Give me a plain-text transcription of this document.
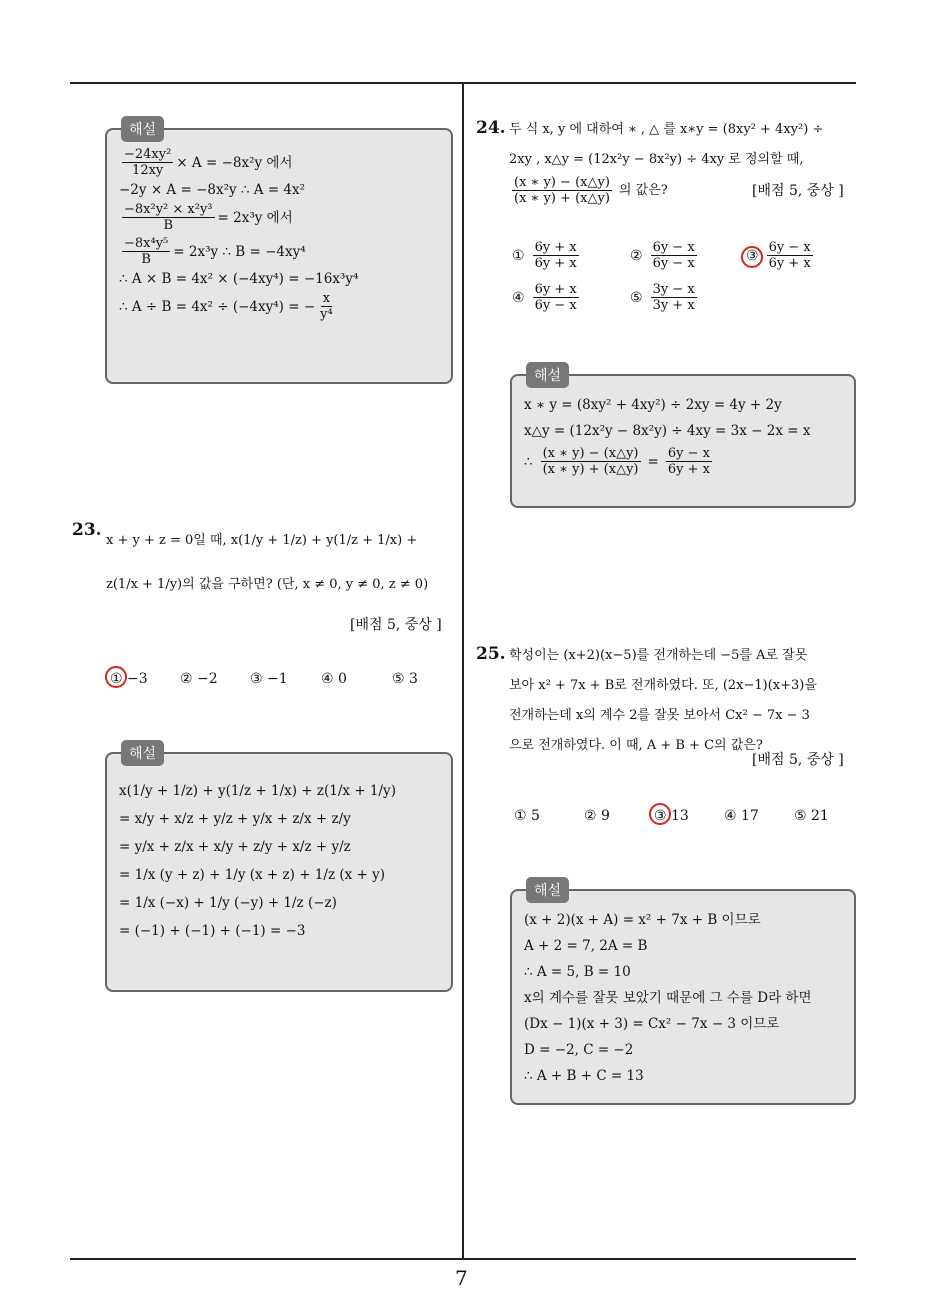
7
해설
$\frac{\text{−24xy²}}{12xy} \times A = -8x^2y$ 에서
−2y × A = −8x²y ∴ A = 4x²
$\frac{\text{−8x²y² × x²y³}}{B} = 2x^3y$ 에서
$\frac{\text{−8x⁴y⁵}}{B} = 2x^3y$ ∴ B = −4xy⁴
∴ A × B = 4x² × (−4xy⁴) = −16x³y⁴
∴ A ÷ B = 4x² ÷ (−4xy⁴) = − $\frac{x}{\text{y⁴}}$
23.
x + y + z = 0일 때, x(1/y + 1/z) + y(1/z + 1/x) +
z(1/x + 1/y)의 값을 구하면? (단, x ≠ 0, y ≠ 0, z ≠ 0)
[배점 5, 중상 ]
① −3 ② −2 ③ −1 ④ 0	⑤ 3
해설
x(1/y + 1/z) + y(1/z + 1/x) + z(1/x + 1/y)
= x/y + x/z + y/z + y/x + z/x + z/y
= y/x + z/x + x/y + z/y + x/z + y/z
= 1/x (y + z) + 1/y (x + z) + 1/z (x + y)
= 1/x (−x) + 1/y (−y) + 1/z (−z)
= (−1) + (−1) + (−1) = −3
24. 두 식 x, y 에 대하여 ∗ , △ 를 x∗y = (8xy² + 4xy²) ÷
2xy , x△y = (12x²y − 8x²y) ÷ 4xy 로 정의할 때,
$\frac{(x ∗ y) - (x\triangle y)}{(x ∗ y) + (x\triangle y)}$ 의 값은?	[배점 5, 중상 ]
① $\frac{6y + x}{6y + x}$	② $\frac{6y - x}{6y - x}$	③ $\frac{6y - x}{6y + x}$
④ $\frac{6y + x}{6y - x}$	⑤ $\frac{3y - x}{3y + x}$
해설
x ∗ y = (8xy² + 4xy²) ÷ 2xy = 4y + 2y
x△y = (12x²y − 8x²y) ÷ 4xy = 3x − 2x = x
∴ $\frac{(x ∗ y) - (x\triangle y)}{(x ∗ y) + (x\triangle y)} = \frac{6y - x}{6y + x}$
25. 학성이는 (x+2)(x−5)를 전개하는데 −5를 A로 잘못
보아 x² + 7x + B로 전개하였다. 또, (2x−1)(x+3)을
전개하는데 x의 계수 2를 잘못 보아서 Cx² − 7x − 3
으로 전개하였다. 이 때, A + B + C의 값은?
[배점 5, 중상 ]
① 5	② 9	③ 13	④ 17	⑤ 21
해설
(x + 2)(x + A) = x² + 7x + B 이므로
A + 2 = 7, 2A = B
∴ A = 5, B = 10
x의 계수를 잘못 보았기 때문에 그 수를 D라 하면
(Dx − 1)(x + 3) = Cx² − 7x − 3 이므로
D = −2, C = −2
∴ A + B + C = 13
